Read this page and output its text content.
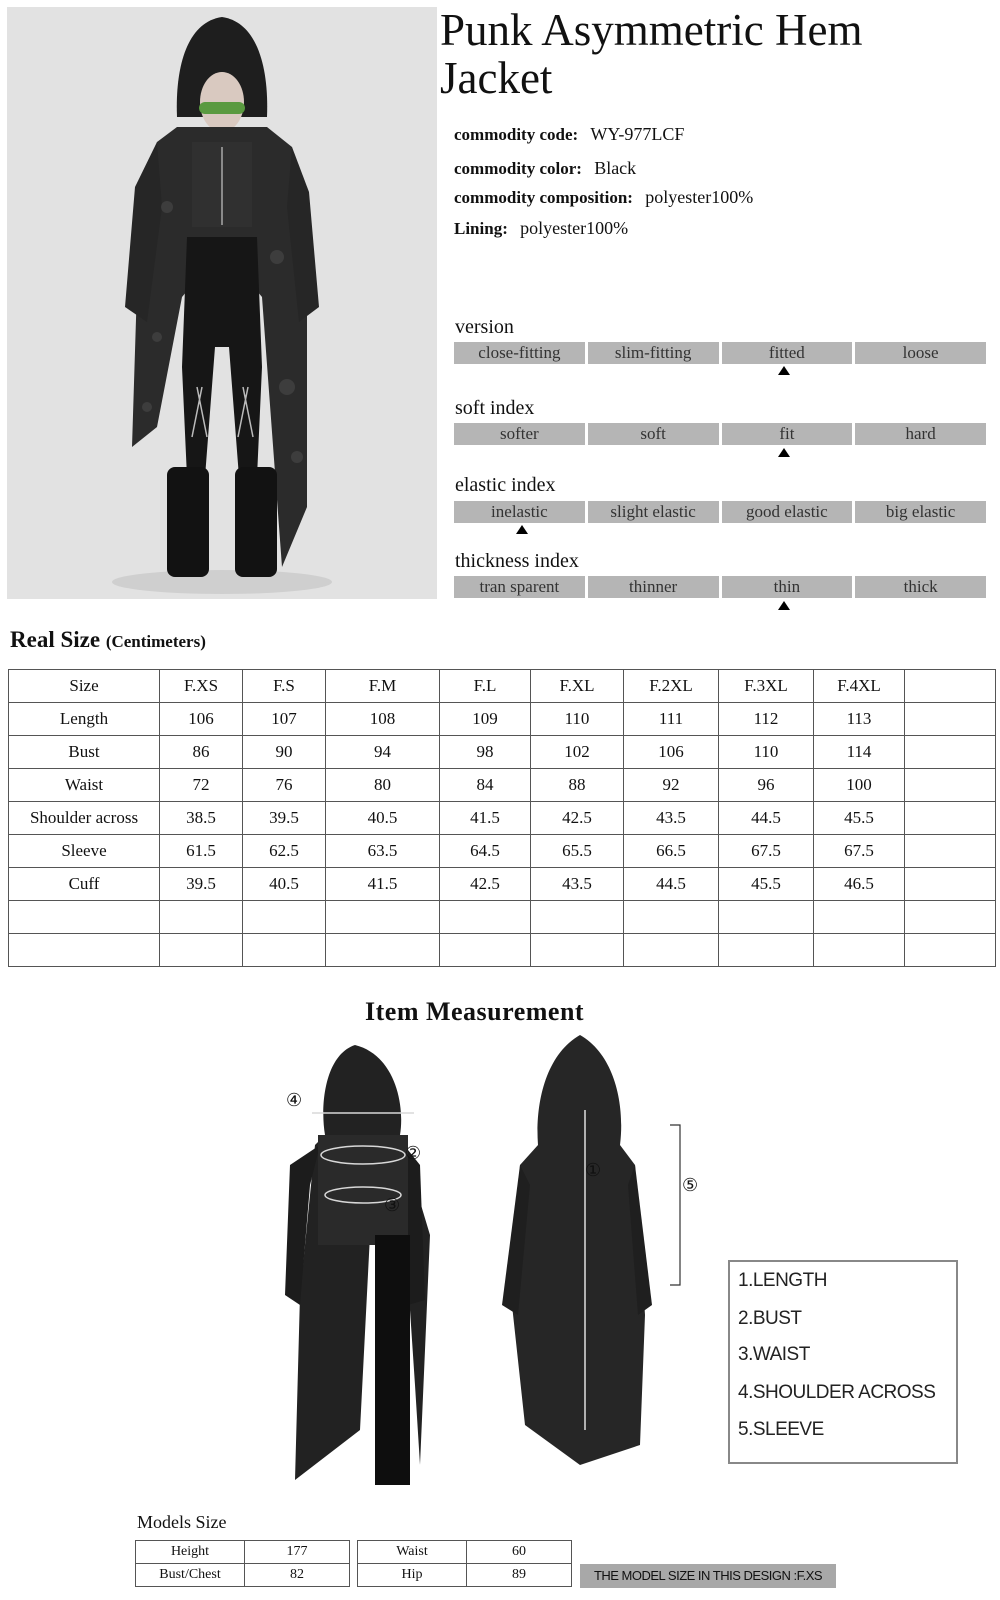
Punk Asymmetric Hem Jacket
commodity code: WY-977LCF
commodity color: Black
commodity composition: polyester100%
Lining: polyester100%
version
close-fitting	slim-fitting	fitted	loose
soft index
softer	soft	fit	hard
elastic index
inelastic	slight elastic	good elastic	big elastic
thickness index
tran sparent	thinner	thin	thick
Real Size (Centimeters)
Size	F.XS	F.S	F.M	F.L	F.XL	F.2XL	F.3XL	F.4XL	
Length	106	107	108	109	110	111	112	113	
Bust	86	90	94	98	102	106	110	114	
Waist	72	76	80	84	88	92	96	100	
Shoulder across	38.5	39.5	40.5	41.5	42.5	43.5	44.5	45.5	
Sleeve	61.5	62.5	63.5	64.5	65.5	66.5	67.5	67.5	
Cuff	39.5	40.5	41.5	42.5	43.5	44.5	45.5	46.5	

Item Measurement
④
②
③
①
⑤
1.LENGTH
2.BUST
3.WAIST
4.SHOULDER ACROSS
5.SLEEVE
Models Size
Height	177
Bust/Chest	82
Waist	60
Hip	89	THE MODEL SIZE IN THIS DESIGN :F.XS
